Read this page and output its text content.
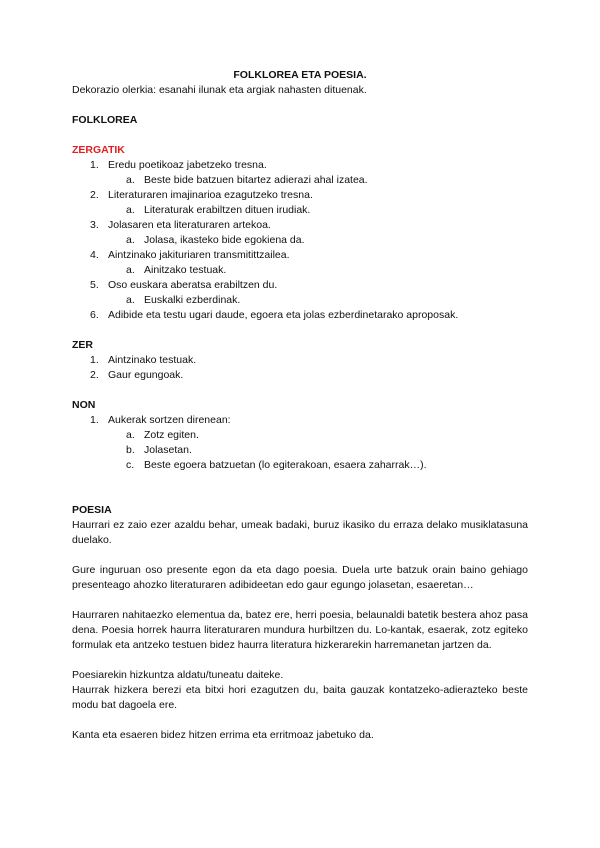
FOLKLOREA ETA POESIA.

Dekorazio olerkia: esanahi ilunak eta argiak nahasten dituenak.

FOLKLOREA

ZERGATIK

1. Eredu poetikoaz jabetzeko tresna.
a. Beste bide batzuen bitartez adierazi ahal izatea.
2. Literaturaren imajinarioa ezagutzeko tresna.
a. Literaturak erabiltzen dituen irudiak.
3. Jolasaren eta literaturaren artekoa.
a. Jolasa, ikasteko bide egokiena da.
4. Aintzinako jakituriaren transmitittzailea.
a. Ainitzako testuak.
5. Oso euskara aberatsa erabiltzen du.
a. Euskalki ezberdinak.
6. Adibide eta testu ugari daude, egoera eta jolas ezberdinetarako aproposak.

ZER

1. Aintzinako testuak.
2. Gaur egungoak.

NON

1. Aukerak sortzen direnean:
a. Zotz egiten.
b. Jolasetan.
c. Beste egoera batzuetan (lo egiterakoan, esaera zaharrak…).

POESIA

Haurrari ez zaio ezer azaldu behar, umeak badaki, buruz ikasiko du erraza delako musiklatasuna duelako.

Gure inguruan oso presente egon da eta dago poesia. Duela urte batzuk orain baino gehiago presenteago ahozko literaturaren adibideetan edo gaur egungo jolasetan, esaeretan…

Haurraren nahitaezko elementua da, batez ere, herri poesia, belaunaldi batetik bestera ahoz pasa dena. Poesia horrek haurra literaturaren mundura hurbiltzen du. Lo-kantak, esaerak, zotz egiteko formulak eta antzeko testuen bidez haurra literatura hizkerarekin harremanetan jartzen da.

Poesiarekin hizkuntza aldatu/tuneatu daiteke.

Haurrak hizkera berezi eta bitxi hori ezagutzen du, baita gauzak kontatzeko-adierazteko beste modu bat dagoela ere.

Kanta eta esaeren bidez hitzen errima eta erritmoaz jabetuko da.
